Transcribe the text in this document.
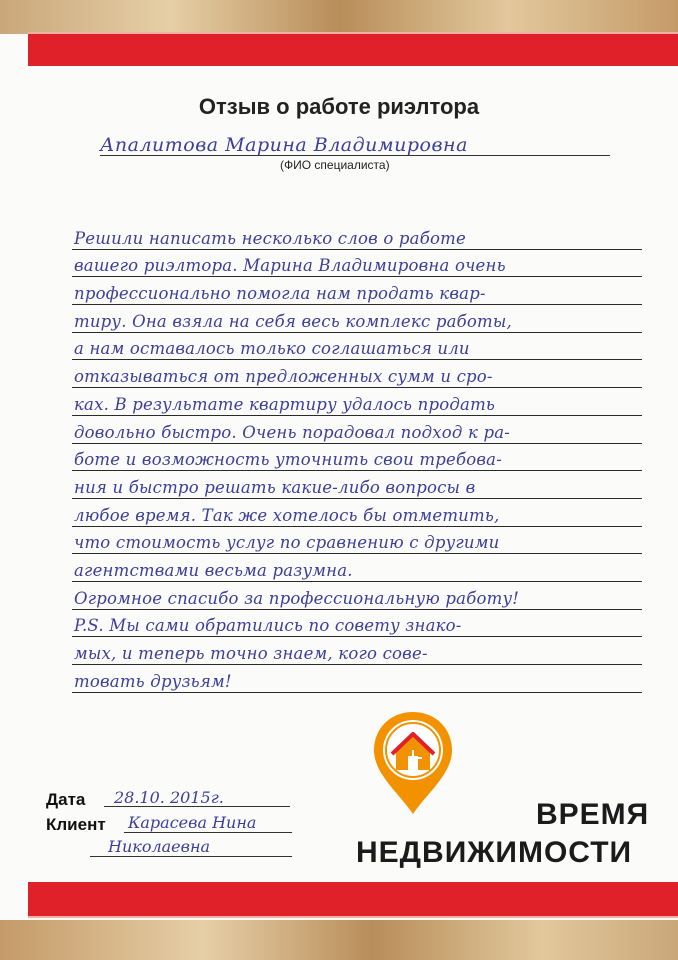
Отзыв о работе риэлтора
Апалитова Марина Владимировна
(ФИО специалиста)
Решили написать несколько слов о работе
вашего риэлтора. Марина Владимировна очень
профессионально помогла нам продать квар-
тиру. Она взяла на себя весь комплекс работы,
а нам оставалось только соглашаться или
отказываться от предложенных сумм и сро-
ках. В результате квартиру удалось продать
довольно быстро. Очень порадовал подход к ра-
боте и возможность уточнить свои требова-
ния и быстро решать какие-либо вопросы в
любое время. Так же хотелось бы отметить,
что стоимость услуг по сравнению с другими
агентствами весьма разумна.
Огромное спасибо за профессиональную работу!
P.S. Мы сами обратились по совету знако-
мых, и теперь точно знаем, кого сове-
товать друзьям!
Дата 28.10. 2015г.
Клиент Карасева Нина
Николаевна
ВРЕМЯ
НЕДВИЖИМОСТИ
